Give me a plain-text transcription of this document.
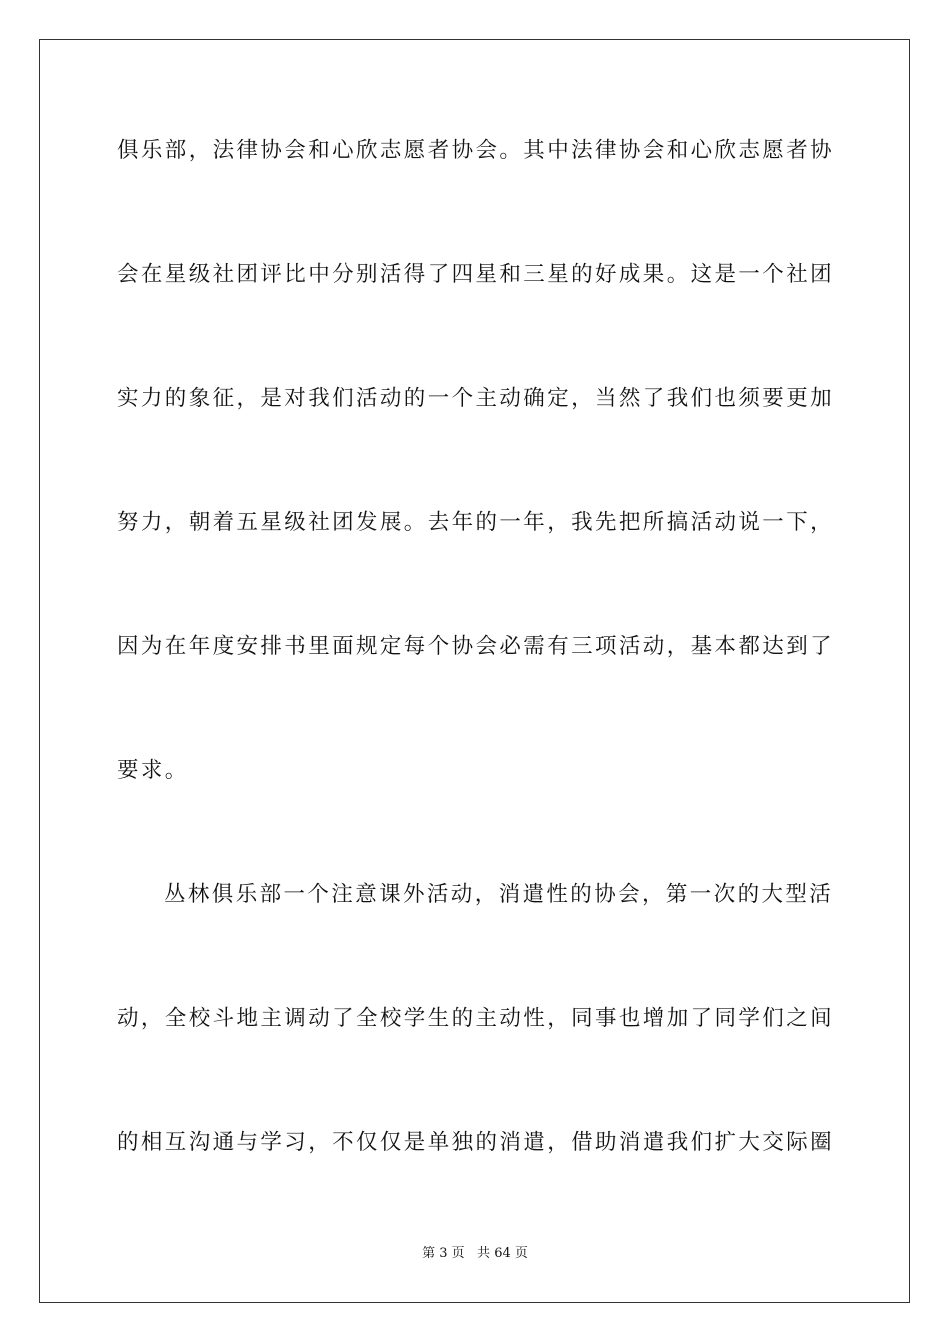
俱乐部，法律协会和心欣志愿者协会。其中法律协会和心欣志愿者协
会在星级社团评比中分别活得了四星和三星的好成果。这是一个社团
实力的象征，是对我们活动的一个主动确定，当然了我们也须要更加
努力，朝着五星级社团发展。去年的一年，我先把所搞活动说一下，
因为在年度安排书里面规定每个协会必需有三项活动，基本都达到了
要求。
丛林俱乐部一个注意课外活动，消遣性的协会，第一次的大型活
动，全校斗地主调动了全校学生的主动性，同事也增加了同学们之间
的相互沟通与学习，不仅仅是单独的消遣，借助消遣我们扩大交际圈
第 3 页   共 64 页
